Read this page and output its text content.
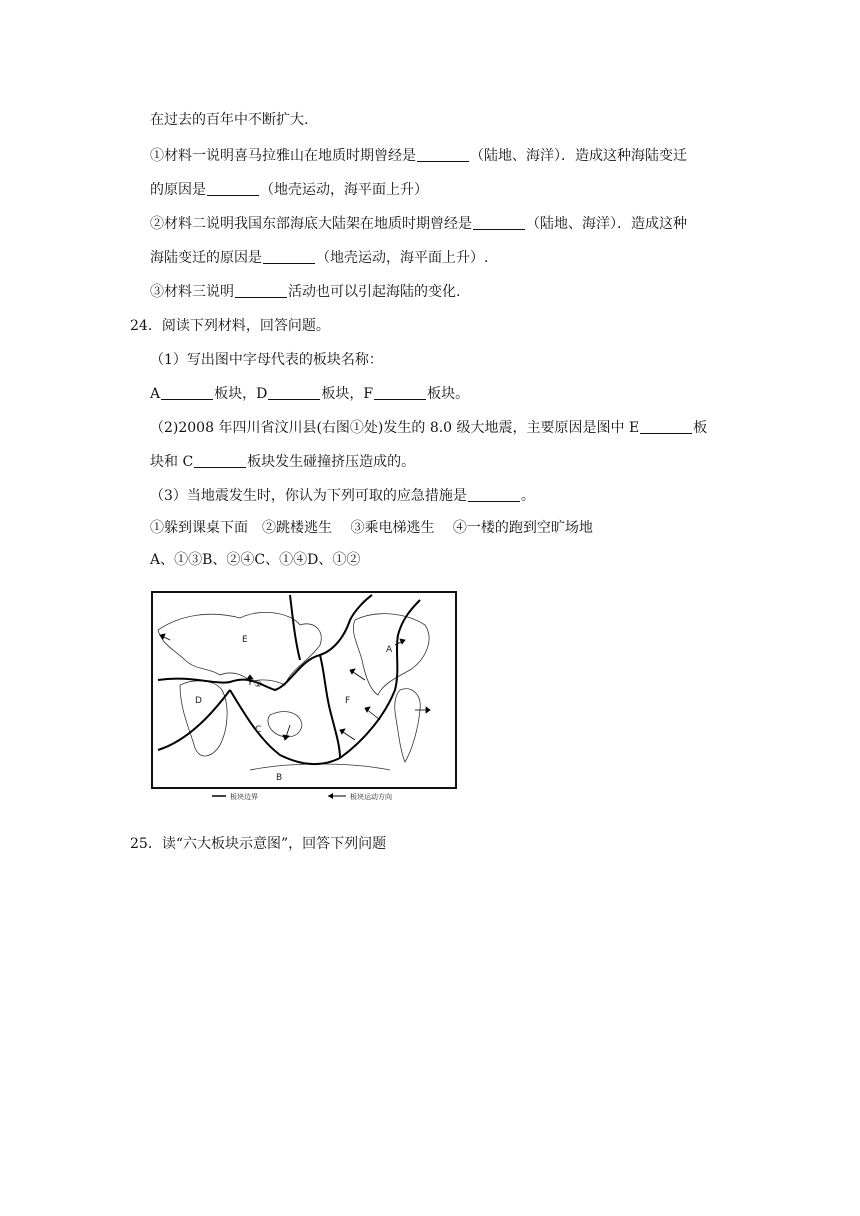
在过去的百年中不断扩大.
①材料一说明喜马拉雅山在地质时期曾经是	（陆地、海洋）．造成这种海陆变迁
的原因是	（地壳运动，海平面上升）
②材料二说明我国东部海底大陆架在地质时期曾经是	（陆地、海洋）．造成这种
海陆变迁的原因是	（地壳运动，海平面上升）.
③材料三说明	活动也可以引起海陆的变化.
24．阅读下列材料，回答问题。
（1）写出图中字母代表的板块名称：
A	板块，D	板块，F	板块。
（2)2008 年四川省汶川县(右图①处)发生的 8.0 级大地震，主要原因是图中 E	板
块和 C	板块发生碰撞挤压造成的。
（3）当地震发生时，你认为下列可取的应急措施是	。
①躲到课桌下面　②跳楼逃生　 ③乘电梯逃生　 ④一楼的跑到空旷场地
A、①③B、②④C、①④D、①②
E
A
D	F
C
B
①
板块边界	板块运动方向
25．读“六大板块示意图”，回答下列问题
